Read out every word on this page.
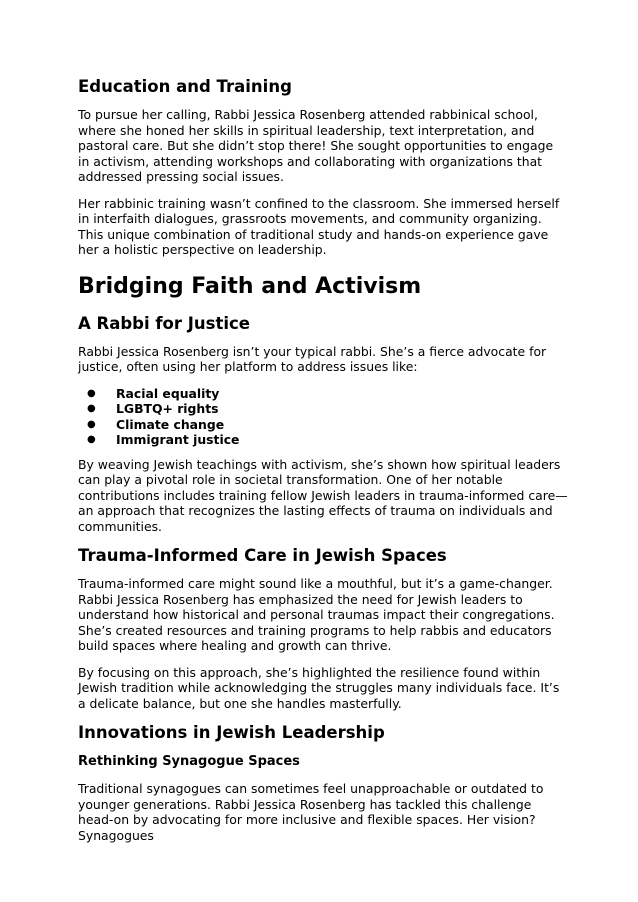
Education and Training

To pursue her calling, Rabbi Jessica Rosenberg attended rabbinical school, where she honed her skills in spiritual leadership, text interpretation, and pastoral care. But she didn’t stop there! She sought opportunities to engage in activism, attending workshops and collaborating with organizations that addressed pressing social issues.

Her rabbinic training wasn’t confined to the classroom. She immersed herself in interfaith dialogues, grassroots movements, and community organizing. This unique combination of traditional study and hands-on experience gave her a holistic perspective on leadership.

Bridging Faith and Activism
A Rabbi for Justice

Rabbi Jessica Rosenberg isn’t your typical rabbi. She’s a fierce advocate for justice, often using her platform to address issues like:

● Racial equality
● LGBTQ+ rights
● Climate change
● Immigrant justice

By weaving Jewish teachings with activism, she’s shown how spiritual leaders can play a pivotal role in societal transformation. One of her notable contributions includes training fellow Jewish leaders in trauma-informed care—an approach that recognizes the lasting effects of trauma on individuals and communities.

Trauma-Informed Care in Jewish Spaces

Trauma-informed care might sound like a mouthful, but it’s a game-changer. Rabbi Jessica Rosenberg has emphasized the need for Jewish leaders to understand how historical and personal traumas impact their congregations. She’s created resources and training programs to help rabbis and educators build spaces where healing and growth can thrive.

By focusing on this approach, she’s highlighted the resilience found within Jewish tradition while acknowledging the struggles many individuals face. It’s a delicate balance, but one she handles masterfully.

Innovations in Jewish Leadership
Rethinking Synagogue Spaces

Traditional synagogues can sometimes feel unapproachable or outdated to younger generations. Rabbi Jessica Rosenberg has tackled this challenge head-on by advocating for more inclusive and flexible spaces. Her vision? Synagogues
